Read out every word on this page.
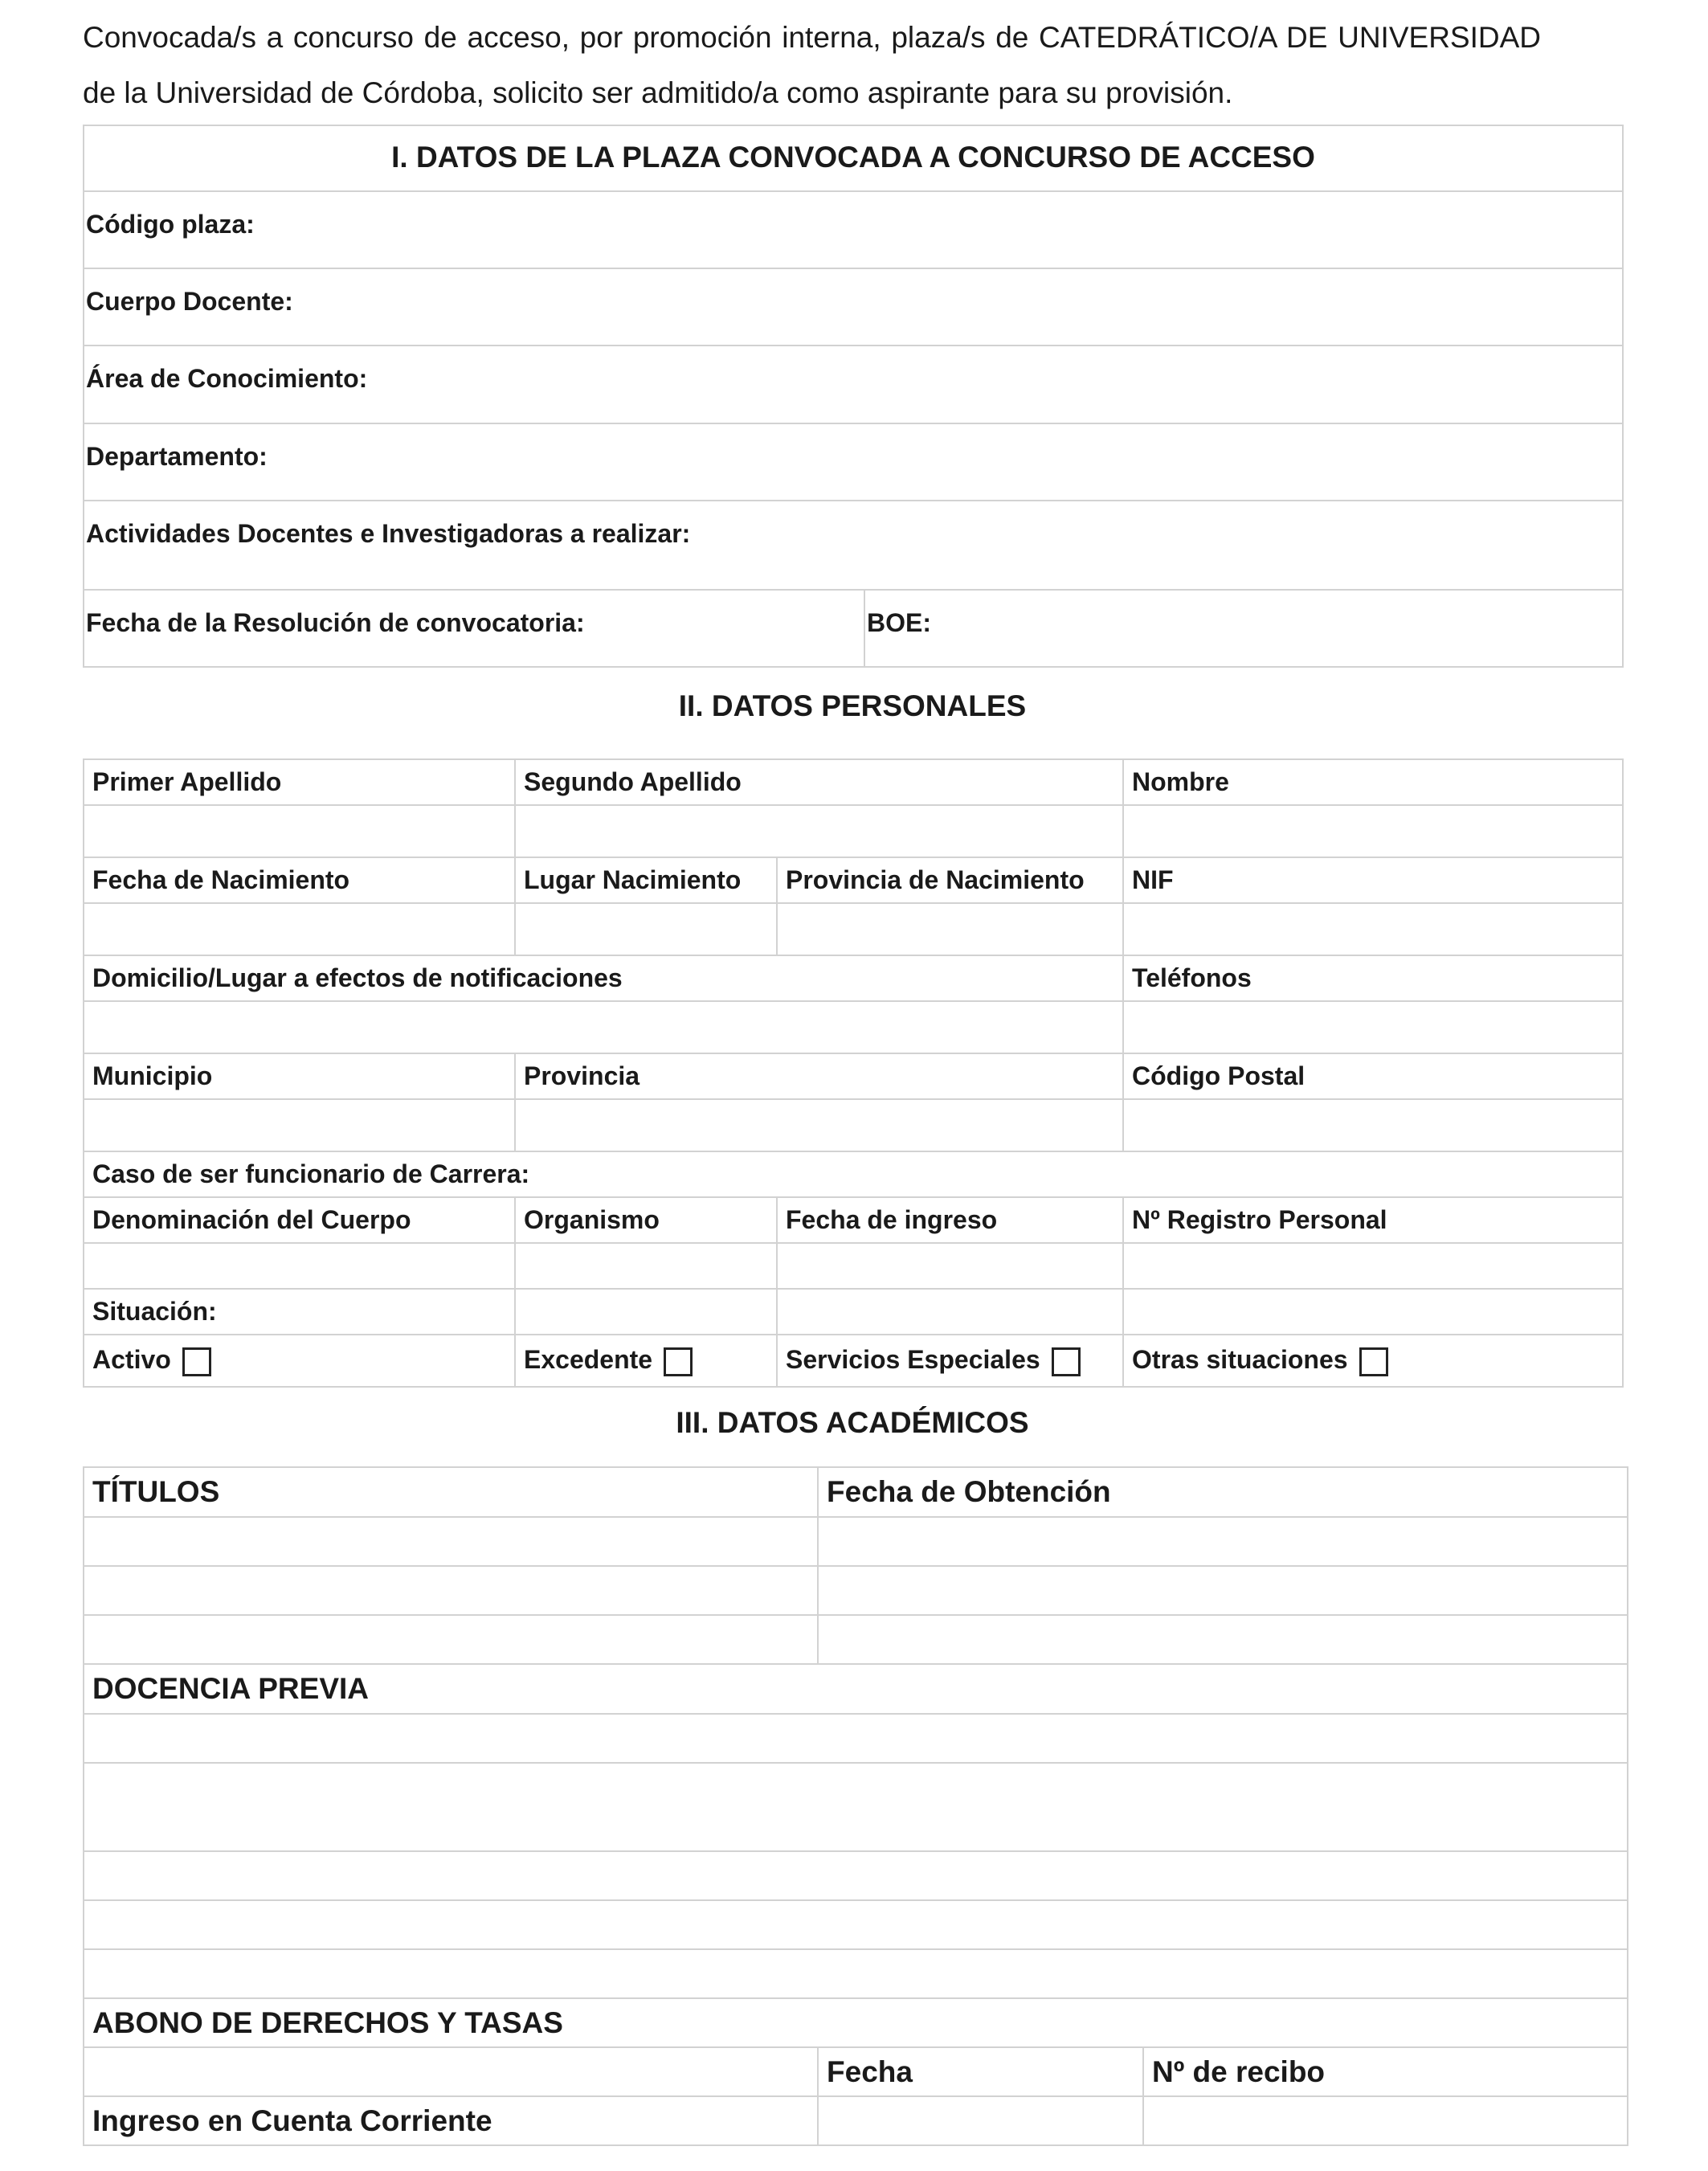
Convocada/s a concurso de acceso, por promoción interna, plaza/s de CATEDRÁTICO/A DE UNIVERSIDAD de la Universidad de Córdoba, solicito ser admitido/a como aspirante para su provisión.

I. DATOS DE LA PLAZA CONVOCADA A CONCURSO DE ACCESO
Código plaza:
Cuerpo Docente:
Área de Conocimiento:
Departamento:
Actividades Docentes e Investigadoras a realizar:
Fecha de la Resolución de convocatoria:	BOE:

II. DATOS PERSONALES

Primer Apellido	Segundo Apellido		Nombre

Fecha de Nacimiento	Lugar Nacimiento	Provincia de Nacimiento	NIF

Domicilio/Lugar a efectos de notificaciones			Teléfonos

Municipio	Provincia		Código Postal

Caso de ser funcionario de Carrera:			
Denominación del Cuerpo	Organismo	Fecha de ingreso	Nº Registro Personal

Situación:			
Activo	Excedente	Servicios Especiales	Otras situaciones

III. DATOS ACADÉMICOS

TÍTULOS	Fecha de Obtención	

DOCENCIA PREVIA		

ABONO DE DERECHOS Y TASAS		
	Fecha	Nº de recibo
Ingreso en Cuenta Corriente		
